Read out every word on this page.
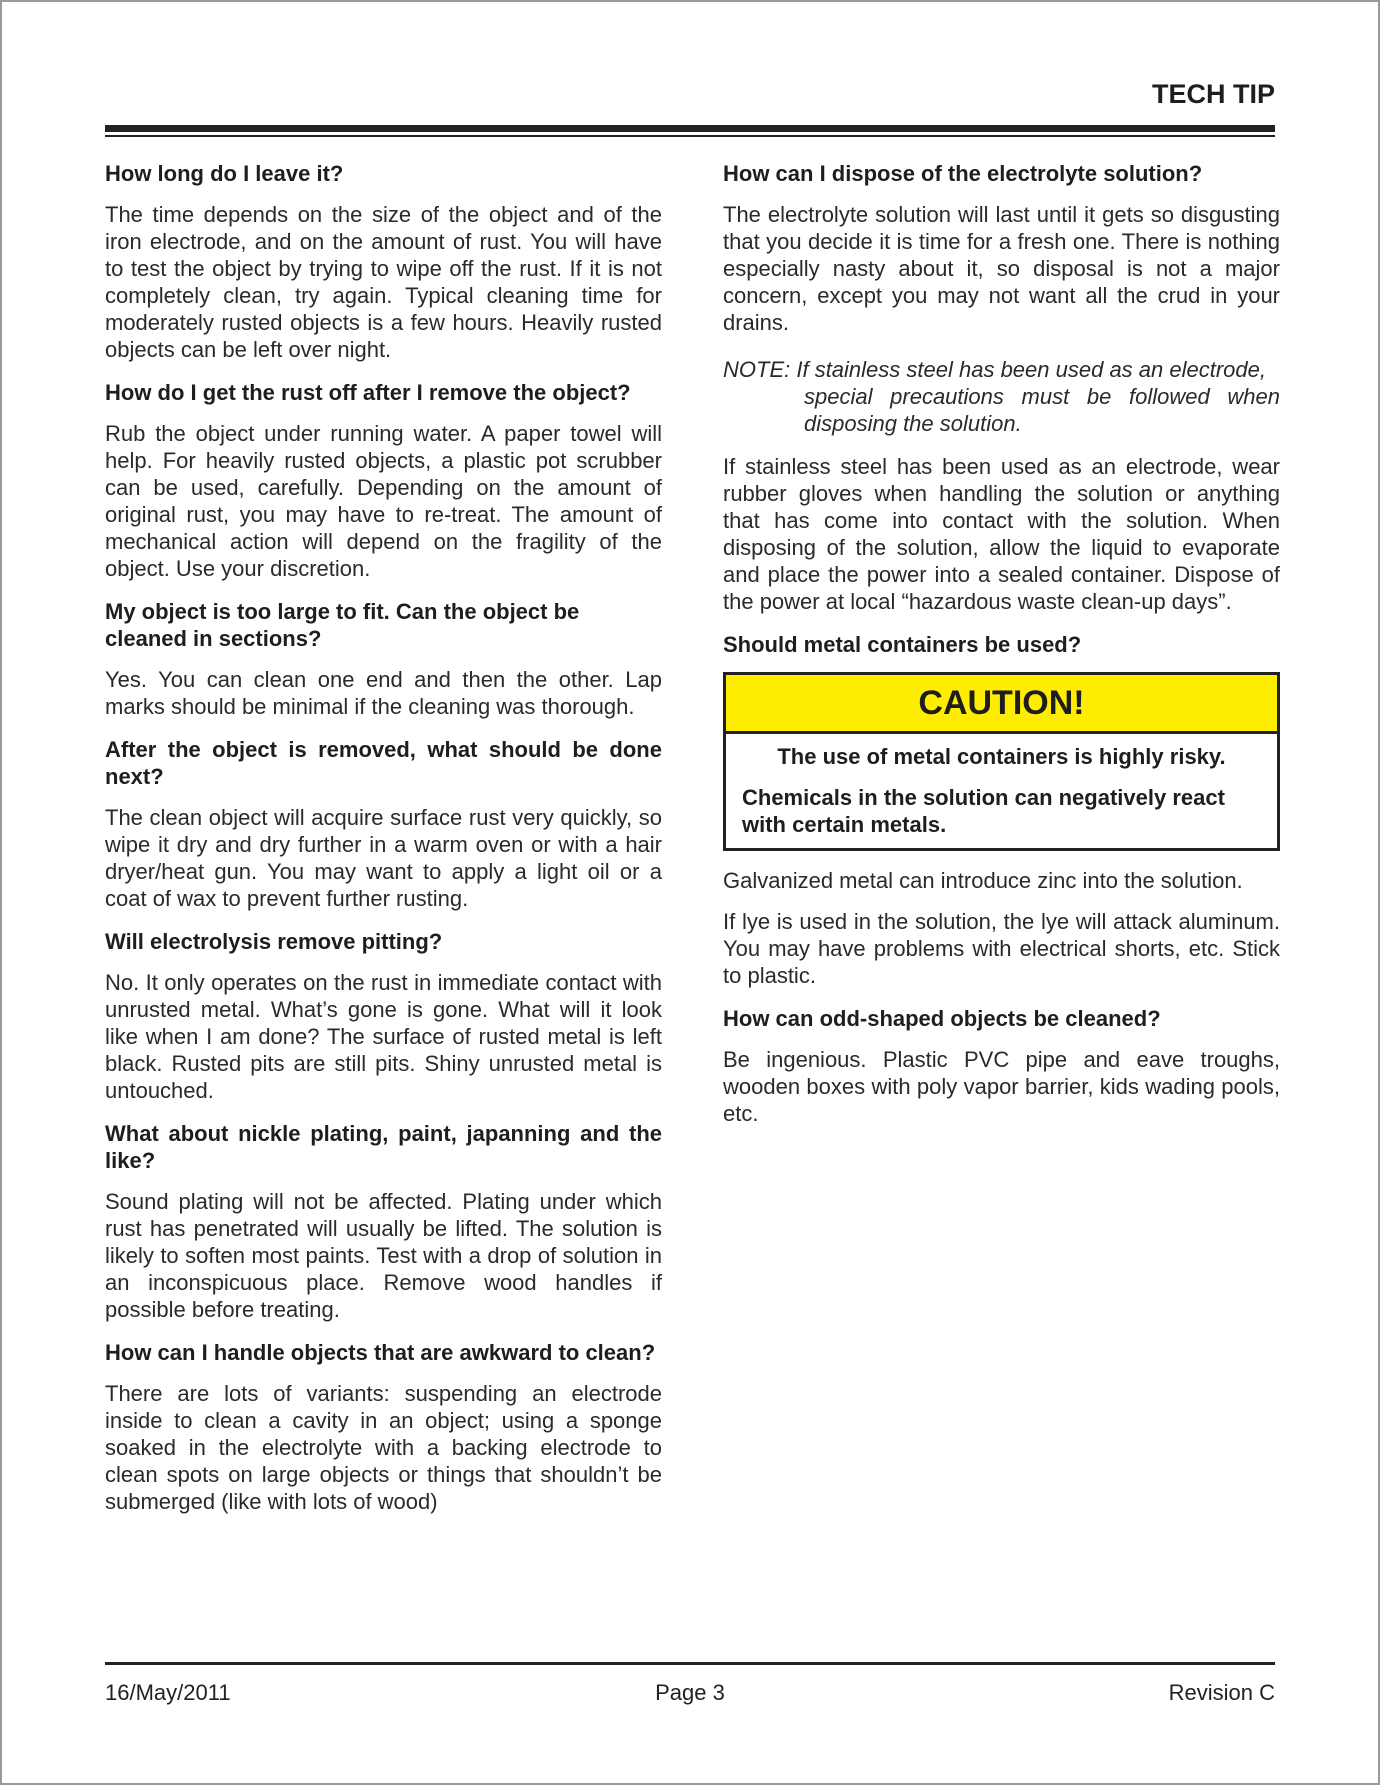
TECH TIP
How long do I leave it?

The time depends on the size of the object and of the iron electrode, and on the amount of rust. You will have to test the object by trying to wipe off the rust. If it is not completely clean, try again. Typical cleaning time for moderately rusted objects is a few hours. Heavily rusted objects can be left over night.

How do I get the rust off after I remove the object?

Rub the object under running water. A paper towel will help. For heavily rusted objects, a plastic pot scrubber can be used, carefully. Depending on the amount of original rust, you may have to re-treat. The amount of mechanical action will depend on the fragility of the object. Use your discretion.

My object is too large to fit. Can the object be cleaned in sections?

Yes. You can clean one end and then the other. Lap marks should be minimal if the cleaning was thorough.

After the object is removed, what should be done next?

The clean object will acquire surface rust very quickly, so wipe it dry and dry further in a warm oven or with a hair dryer/heat gun. You may want to apply a light oil or a coat of wax to prevent further rusting.

Will electrolysis remove pitting?

No. It only operates on the rust in immediate contact with unrusted metal. What’s gone is gone. What will it look like when I am done? The surface of rusted metal is left black. Rusted pits are still pits. Shiny unrusted metal is untouched.

What about nickle plating, paint, japanning and the like?

Sound plating will not be affected. Plating under which rust has penetrated will usually be lifted. The solution is likely to soften most paints. Test with a drop of solution in an inconspicuous place. Remove wood handles if possible before treating.

How can I handle objects that are awkward to clean?

There are lots of variants: suspending an electrode inside to clean a cavity in an object; using a sponge soaked in the electrolyte with a backing electrode to clean spots on large objects or things that shouldn’t be submerged (like with lots of wood)

How can I dispose of the electrolyte solution?

The electrolyte solution will last until it gets so disgusting that you decide it is time for a fresh one. There is nothing especially nasty about it, so disposal is not a major concern, except you may not want all the crud in your drains.

NOTE: If stainless steel has been used as an electrode,
special precautions must be followed when disposing the solution.

If stainless steel has been used as an electrode, wear rubber gloves when handling the solution or anything that has come into contact with the solution. When disposing of the solution, allow the liquid to evaporate and place the power into a sealed container. Dispose of the power at local “hazardous waste clean-up days”.

Should metal containers be used?
CAUTION!
The use of metal containers is highly risky.
Chemicals in the solution can negatively react with certain metals.

Galvanized metal can introduce zinc into the solution.

If lye is used in the solution, the lye will attack aluminum. You may have problems with electrical shorts, etc. Stick to plastic.

How can odd-shaped objects be cleaned?

Be ingenious. Plastic PVC pipe and eave troughs, wooden boxes with poly vapor barrier, kids wading pools, etc.

16/May/2011	Page 3	Revision C
